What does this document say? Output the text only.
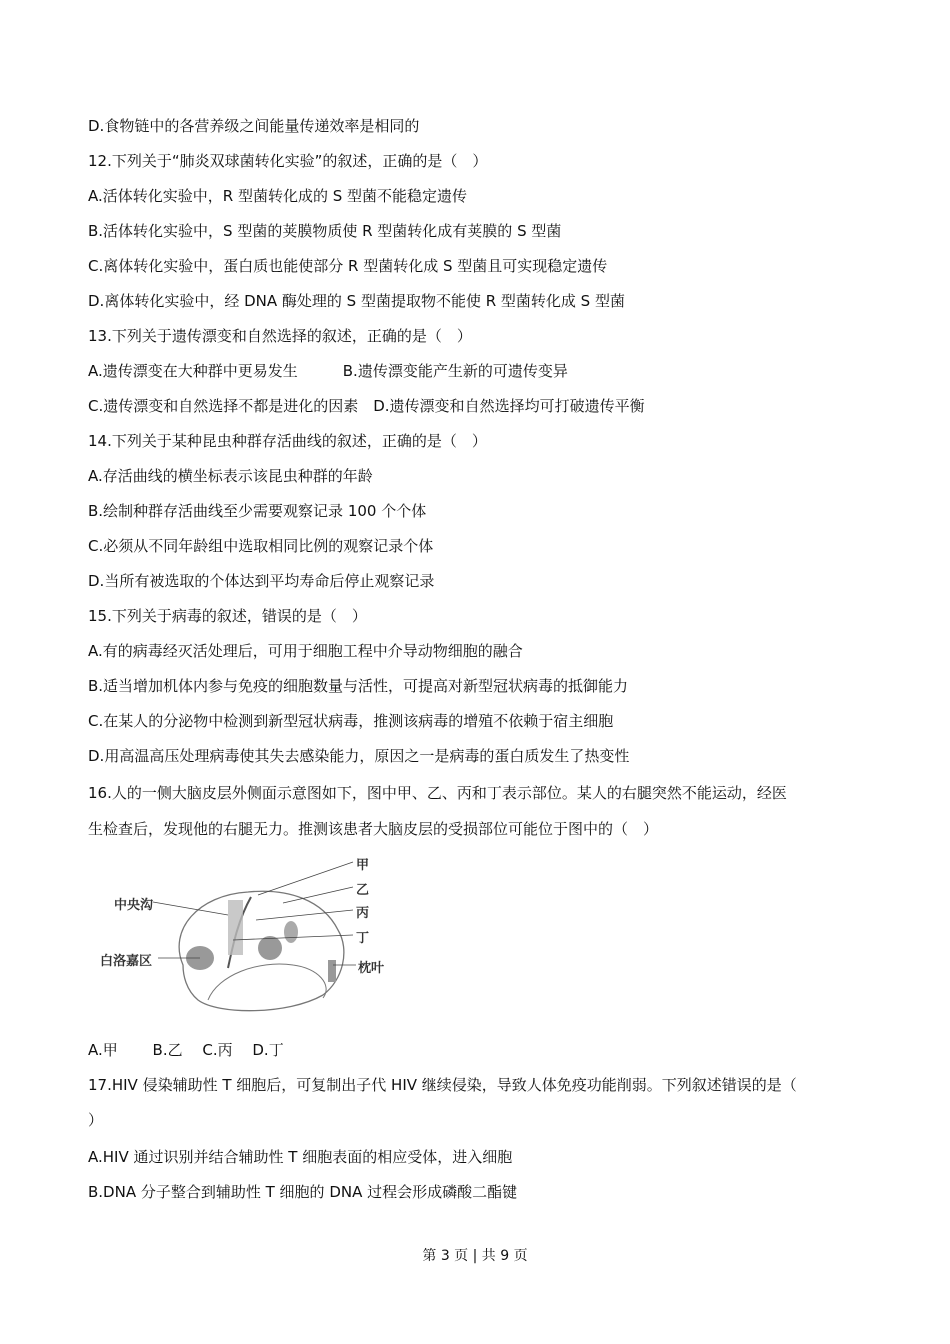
D.食物链中的各营养级之间能量传递效率是相同的
12.下列关于“肺炎双球菌转化实验”的叙述，正确的是（　）
A.活体转化实验中，R 型菌转化成的 S 型菌不能稳定遗传
B.活体转化实验中，S 型菌的荚膜物质使 R 型菌转化成有荚膜的 S 型菌
C.离体转化实验中，蛋白质也能使部分 R 型菌转化成 S 型菌且可实现稳定遗传
D.离体转化实验中，经 DNA 酶处理的 S 型菌提取物不能使 R 型菌转化成 S 型菌
13.下列关于遗传漂变和自然选择的叙述，正确的是（　）
A.遗传漂变在大种群中更易发生　　　B.遗传漂变能产生新的可遗传变异
C.遗传漂变和自然选择不都是进化的因素　D.遗传漂变和自然选择均可打破遗传平衡
14.下列关于某种昆虫种群存活曲线的叙述，正确的是（　）
A.存活曲线的横坐标表示该昆虫种群的年龄
B.绘制种群存活曲线至少需要观察记录 100 个个体
C.必须从不同年龄组中选取相同比例的观察记录个体
D.当所有被选取的个体达到平均寿命后停止观察记录
15.下列关于病毒的叙述，错误的是（　）
A.有的病毒经灭活处理后，可用于细胞工程中介导动物细胞的融合
B.适当增加机体内参与免疫的细胞数量与活性，可提高对新型冠状病毒的抵御能力
C.在某人的分泌物中检测到新型冠状病毒，推测该病毒的增殖不依赖于宿主细胞
D.用高温高压处理病毒使其失去感染能力，原因之一是病毒的蛋白质发生了热变性
16.人的一侧大脑皮层外侧面示意图如下，图中甲、乙、丙和丁表示部位。某人的右腿突然不能运动，经医
生检查后，发现他的右腿无力。推测该患者大脑皮层的受损部位可能位于图中的（　）
中央沟
白洛嘉区
甲
乙
丙
丁
枕叶
A.甲　　 B.乙　 C.丙　 D.丁
17.HIV 侵染辅助性 T 细胞后，可复制出子代 HIV 继续侵染，导致人体免疫功能削弱。下列叙述错误的是（
）
A.HIV 通过识别并结合辅助性 T 细胞表面的相应受体，进入细胞
B.DNA 分子整合到辅助性 T 细胞的 DNA 过程会形成磷酸二酯键
第 3 页 | 共 9 页
